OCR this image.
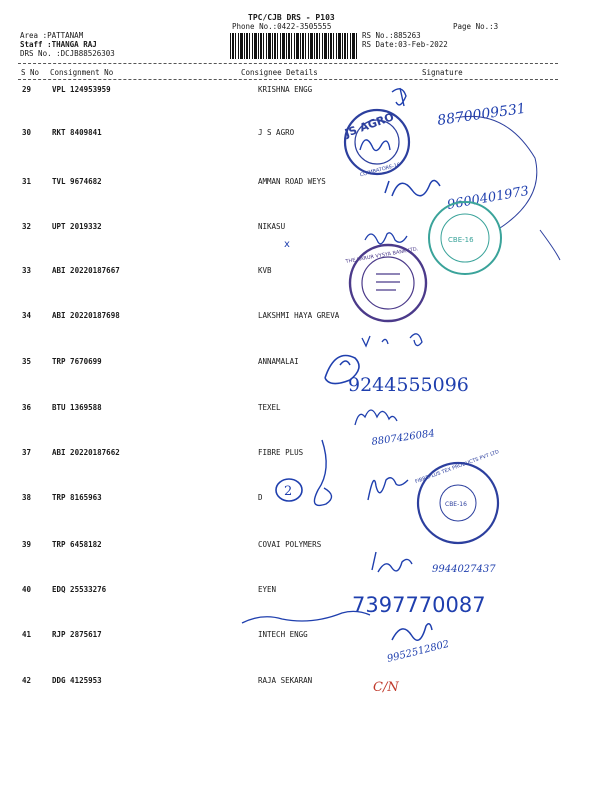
TPC/CJB DRS - P103
Phone No.:0422-3505555	Page No.:3
Area :PATTANAM
Staff :THANGA RAJ
DRS No. :DCJB88526303
RS No.:885263
RS Date:03-Feb-2022
S No Consignment No	Consignee Details	Signature
29	VPL 124953959	KRISHNA ENGG
30	RKT 8409841	J S AGRO
31	TVL 9674682	AMMAN ROAD WEYS
32	UPT 2019332	NIKASU
33	ABI 20220187667	KVB
34	ABI 20220187698	LAKSHMI HAYA GREVA
35	TRP 7670699	ANNAMALAI
36	BTU 1369588	TEXEL
37	ABI 20220187662	FIBRE PLUS
38	TRP 8165963	D
39	TRP 6458182	COVAI POLYMERS
40	EDQ 25533276	EYEN
41	RJP 2875617	INTECH ENGG
42	DDG 4125953	RAJA SEKARAN
JS AGRO
COIMBATORE-16
8870009531
9600401973
CBE-16
x
THE KARUR VYSYA BANK LTD.
9244555096
8807426084
2
FIBREPLUS TEX PRODUCTS PVT LTD
CBE-16
9944027437
7397770087
9952512802
C/N
